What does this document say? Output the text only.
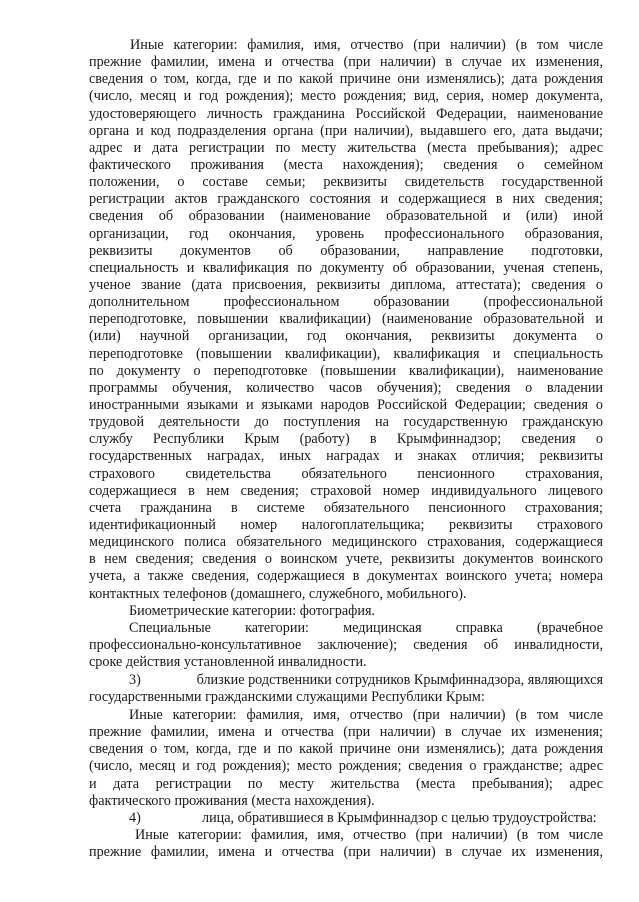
Иные категории: фамилия, имя, отчество (при наличии) (в том числе
прежние фамилии, имена и отчества (при наличии) в случае их изменения,
сведения о том, когда, где и по какой причине они изменялись); дата рождения
(число, месяц и год рождения); место рождения; вид, серия, номер документа,
удостоверяющего личность гражданина Российской Федерации, наименование
органа и код подразделения органа (при наличии), выдавшего его, дата выдачи;
адрес и дата регистрации по месту жительства (места пребывания); адрес
фактического проживания (места нахождения); сведения о семейном
положении, о составе семьи; реквизиты свидетельств государственной
регистрации актов гражданского состояния и содержащиеся в них сведения;
сведения об образовании (наименование образовательной и (или) иной
организации, год окончания, уровень профессионального образования,
реквизиты документов об образовании, направление подготовки,
специальность и квалификация по документу об образовании, ученая степень,
ученое звание (дата присвоения, реквизиты диплома, аттестата); сведения о
дополнительном профессиональном образовании (профессиональной
переподготовке, повышении квалификации) (наименование образовательной и
(или) научной организации, год окончания, реквизиты документа о
переподготовке (повышении квалификации), квалификация и специальность
по документу о переподготовке (повышении квалификации), наименование
программы обучения, количество часов обучения); сведения о владении
иностранными языками и языками народов Российской Федерации; сведения о
трудовой деятельности до поступления на государственную гражданскую
службу Республики Крым (работу) в Крымфиннадзор; сведения о
государственных наградах, иных наградах и знаках отличия; реквизиты
страхового свидетельства обязательного пенсионного страхования,
содержащиеся в нем сведения; страховой номер индивидуального лицевого
счета гражданина в системе обязательного пенсионного страхования;
идентификационный номер налогоплательщика; реквизиты страхового
медицинского полиса обязательного медицинского страхования, содержащиеся
в нем сведения; сведения о воинском учете, реквизиты документов воинского
учета, а также сведения, содержащиеся в документах воинского учета; номера
контактных телефонов (домашнего, служебного, мобильного).
Биометрические категории: фотография.
Специальные категории: медицинская справка (врачебное
профессионально-консультативное заключение); сведения об инвалидности,
сроке действия установленной инвалидности.
3)	близкие родственники сотрудников Крымфиннадзора, являющихся
государственными гражданскими служащими Республики Крым:
Иные категории: фамилия, имя, отчество (при наличии) (в том числе
прежние фамилии, имена и отчества (при наличии) в случае их изменения;
сведения о том, когда, где и по какой причине они изменялись); дата рождения
(число, месяц и год рождения); место рождения; сведения о гражданстве; адрес
и дата регистрации по месту жительства (места пребывания); адрес
фактического проживания (места нахождения).
4)	лица, обратившиеся в Крымфиннадзор с целью трудоустройства:
Иные категории: фамилия, имя, отчество (при наличии) (в том числе
прежние фамилии, имена и отчества (при наличии) в случае их изменения,
